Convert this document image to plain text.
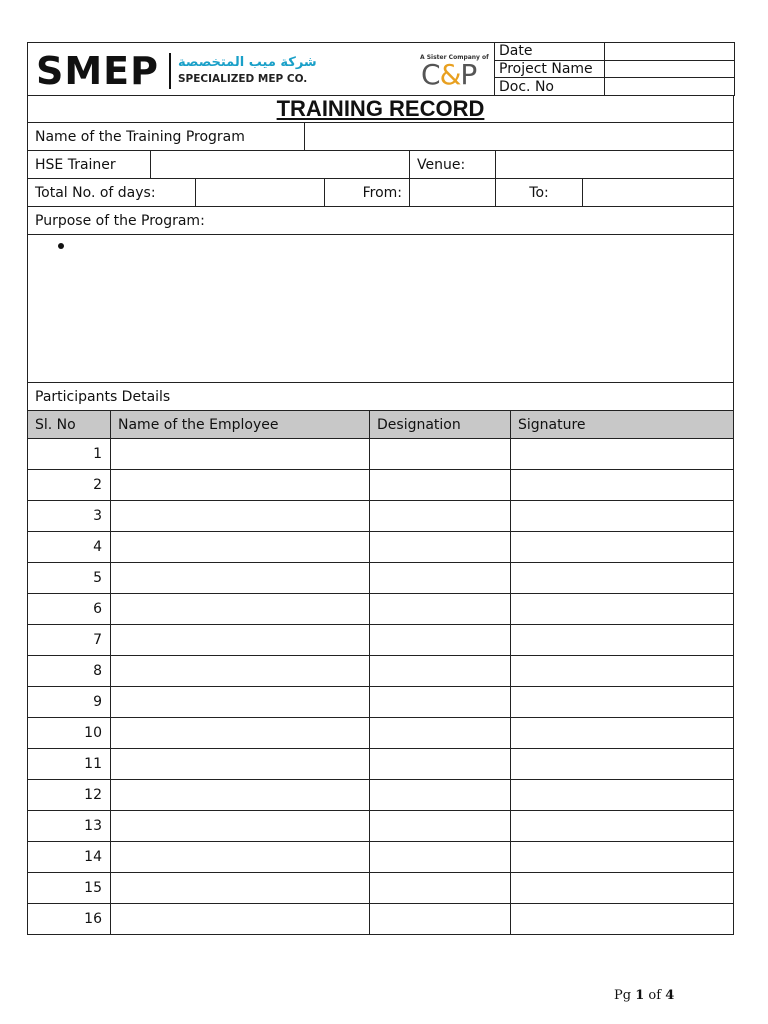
SMEP شركة ميب المتخصصة
SPECIALIZED MEP CO.
A Sister Company of
C&P	Date	
	Project Name	
	Doc. No	
TRAINING RECORD
Name of the Training Program	
HSE Trainer		Venue:	
Total No. of days:		From:		To:	
Purpose of the Program:

Participants Details
Sl. No	Name of the Employee	Designation	Signature
1			
2			
3			
4			
5			
6			
7			
8			
9			
10			
11			
12			
13			
14			
15			
16			
Pg 1 of 4
